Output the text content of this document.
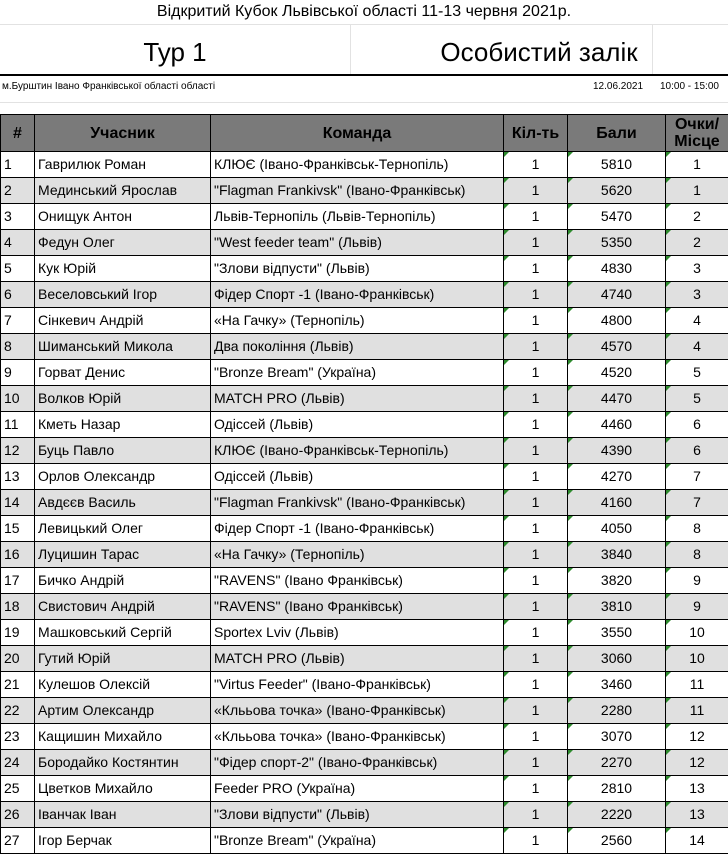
Відкритий Кубок Львівської області 11-13 червня 2021р.
Тур 1	Особистий залік
м.Бурштин Івано Франківської області області	12.06.2021 10:00 - 15:00
#	Учасник	Команда	Кіл-ть	Бали	Очки/ Місце
1	Гаврилюк Роман	КЛЮЄ (Івано-Франківськ-Тернопіль)	1	5810	1
2	Мединський Ярослав	"Flagman Frankivsk" (Івано-Франківськ)	1	5620	1
3	Онищук Антон	Львів-Тернопіль (Львів-Тернопіль)	1	5470	2
4	Федун Олег	"West feeder team" (Львів)	1	5350	2
5	Кук Юрій	"Злови відпусти" (Львів)	1	4830	3
6	Веселовський Ігор	Фідер Спорт -1 (Івано-Франківськ)	1	4740	3
7	Сінкевич Андрій	«На Гачку» (Тернопіль)	1	4800	4
8	Шиманський Микола	Два покоління (Львів)	1	4570	4
9	Горват Денис	"Bronze Bream" (Україна)	1	4520	5
10	Волков Юрій	MATCH PRO (Львів)	1	4470	5
11	Кметь Назар	Одіссей (Львів)	1	4460	6
12	Буць Павло	КЛЮЄ (Івано-Франківськ-Тернопіль)	1	4390	6
13	Орлов Олександр	Одіссей (Львів)	1	4270	7
14	Авдєєв Василь	"Flagman Frankivsk" (Івано-Франківськ)	1	4160	7
15	Левицький Олег	Фідер Спорт -1 (Івано-Франківськ)	1	4050	8
16	Луцишин Тарас	«На Гачку» (Тернопіль)	1	3840	8
17	Бичко Андрій	"RAVENS" (Івано Франківськ)	1	3820	9
18	Свистович Андрій	"RAVENS" (Івано Франківськ)	1	3810	9
19	Машковський Сергій	Sportex Lviv (Львів)	1	3550	10
20	Гутий Юрій	MATCH PRO (Львів)	1	3060	10
21	Кулешов Олексій	"Virtus Feeder" (Івано-Франківськ)	1	3460	11
22	Артим Олександр	«Клььова точка» (Івано-Франківськ)	1	2280	11
23	Кащишин Михайло	«Клььова точка» (Івано-Франківськ)	1	3070	12
24	Бородайко Костянтин	"Фідер спорт-2" (Івано-Франківськ)	1	2270	12
25	Цветков Михайло	Feeder PRO (Україна)	1	2810	13
26	Іванчак Іван	"Злови відпусти" (Львів)	1	2220	13
27	Ігор Берчак	"Bronze Bream" (Україна)	1	2560	14
